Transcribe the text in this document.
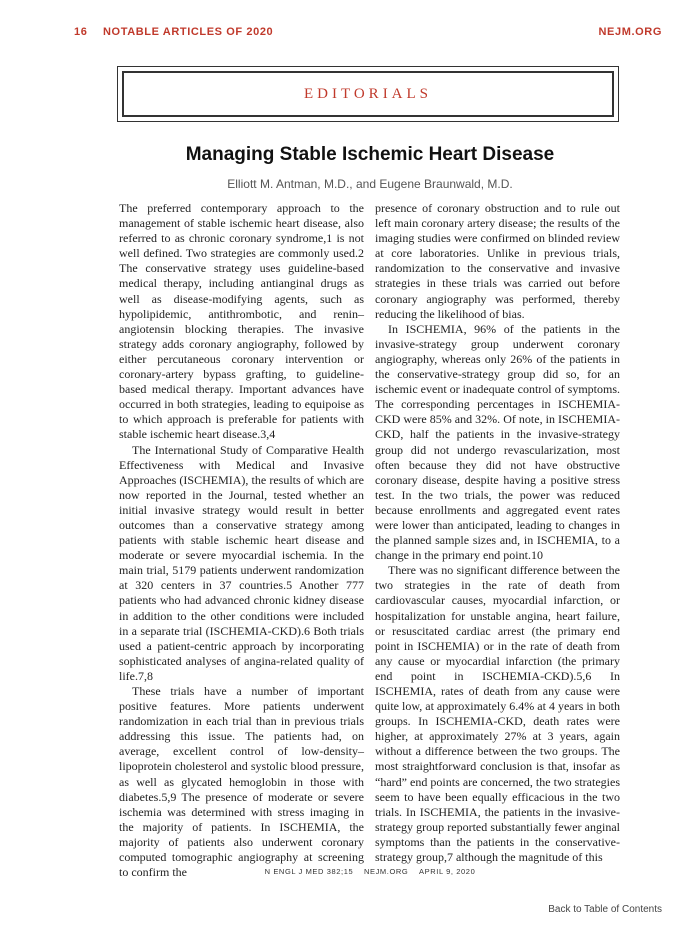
16 NOTABLE ARTICLES OF 2020	NEJM.ORG
EDITORIALS
Managing Stable Ischemic Heart Disease
Elliott M. Antman, M.D., and Eugene Braunwald, M.D.

The preferred contemporary approach to the management of stable ischemic heart disease, also referred to as chronic coronary syndrome,1 is not well defined. Two strategies are commonly used.2 The conservative strategy uses guideline-based medical therapy, including antianginal drugs as well as disease-modifying agents, such as hypolipidemic, antithrombotic, and renin–angiotensin blocking therapies. The invasive strategy adds coronary angiography, followed by either percutaneous coronary intervention or coronary-artery bypass grafting, to guideline-based medical therapy. Important advances have occurred in both strategies, leading to equipoise as to which approach is preferable for patients with stable ischemic heart disease.3,4

The International Study of Comparative Health Effectiveness with Medical and Invasive Approaches (ISCHEMIA), the results of which are now reported in the Journal, tested whether an initial invasive strategy would result in better outcomes than a conservative strategy among patients with stable ischemic heart disease and moderate or severe myocardial ischemia. In the main trial, 5179 patients underwent randomization at 320 centers in 37 countries.5 Another 777 patients who had advanced chronic kidney disease in addition to the other conditions were included in a separate trial (ISCHEMIA-CKD).6 Both trials used a patient-centric approach by incorporating sophisticated analyses of angina-related quality of life.7,8

These trials have a number of important positive features. More patients underwent randomization in each trial than in previous trials addressing this issue. The patients had, on average, excellent control of low-density–lipoprotein cholesterol and systolic blood pressure, as well as glycated hemoglobin in those with diabetes.5,9 The presence of moderate or severe ischemia was determined with stress imaging in the majority of patients. In ISCHEMIA, the majority of patients also underwent coronary computed tomographic angiography at screening to confirm the

presence of coronary obstruction and to rule out left main coronary artery disease; the results of the imaging studies were confirmed on blinded review at core laboratories. Unlike in previous trials, randomization to the conservative and invasive strategies in these trials was carried out before coronary angiography was performed, thereby reducing the likelihood of bias.

In ISCHEMIA, 96% of the patients in the invasive-strategy group underwent coronary angiography, whereas only 26% of the patients in the conservative-strategy group did so, for an ischemic event or inadequate control of symptoms. The corresponding percentages in ISCHEMIA-CKD were 85% and 32%. Of note, in ISCHEMIA-CKD, half the patients in the invasive-strategy group did not undergo revascularization, most often because they did not have obstructive coronary disease, despite having a positive stress test. In the two trials, the power was reduced because enrollments and aggregated event rates were lower than anticipated, leading to changes in the planned sample sizes and, in ISCHEMIA, to a change in the primary end point.10

There was no significant difference between the two strategies in the rate of death from cardiovascular causes, myocardial infarction, or hospitalization for unstable angina, heart failure, or resuscitated cardiac arrest (the primary end point in ISCHEMIA) or in the rate of death from any cause or myocardial infarction (the primary end point in ISCHEMIA-CKD).5,6 In ISCHEMIA, rates of death from any cause were quite low, at approximately 6.4% at 4 years in both groups. In ISCHEMIA-CKD, death rates were higher, at approximately 27% at 3 years, again without a difference between the two groups. The most straightforward conclusion is that, insofar as “hard” end points are concerned, the two strategies seem to have been equally efficacious in the two trials. In ISCHEMIA, the patients in the invasive-strategy group reported substantially fewer anginal symptoms than the patients in the conservative-strategy group,7 although the magnitude of this

N ENGL J MED 382;15 NEJM.ORG APRIL 9, 2020
Back to Table of Contents
